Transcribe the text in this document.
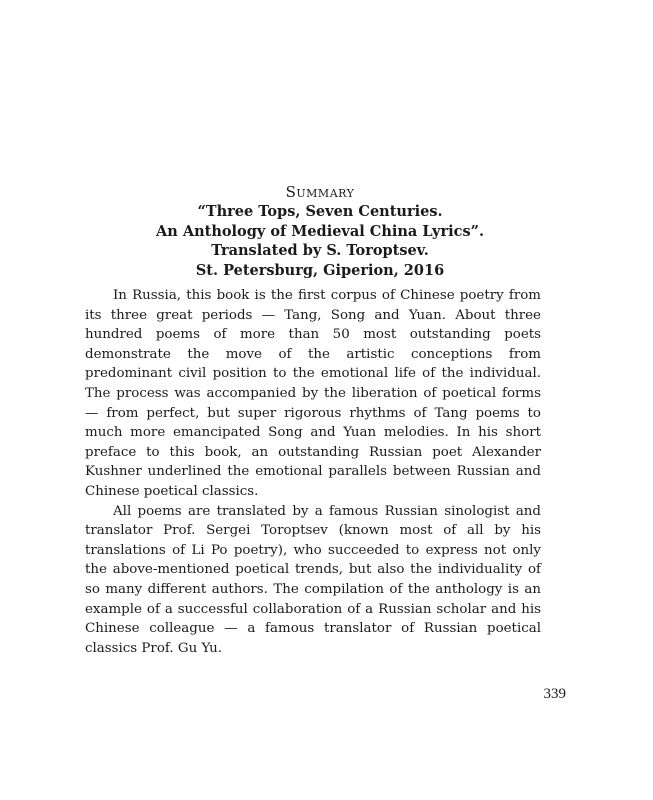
Summary
“Three Tops, Seven Centuries.
An Anthology of Medieval China Lyrics”.
Translated by S. Toroptsev.
St. Petersburg, Giperion, 2016

In Russia, this book is the first corpus of Chinese poetry from its three great periods — Tang, Song and Yuan. About three hundred poems of more than 50 most outstanding poets demonstrate the move of the artistic conceptions from predominant civil position to the emotional life of the individual. The process was accompanied by the liberation of poetical forms — from perfect, but super rigorous rhythms of Tang poems to much more emancipated Song and Yuan melodies. In his short preface to this book, an outstanding Russian poet Alexander Kushner underlined the emotional parallels between Russian and Chinese poetical classics.

All poems are translated by a famous Russian sinologist and translator Prof. Sergei Toroptsev (known most of all by his translations of Li Po poetry), who succeeded to express not only the above-mentioned poetical trends, but also the individuality of so many different authors. The compilation of the anthology is an example of a successful collaboration of a Russian scholar and his Chinese colleague — a famous translator of Russian poetical classics Prof. Gu Yu.

339
